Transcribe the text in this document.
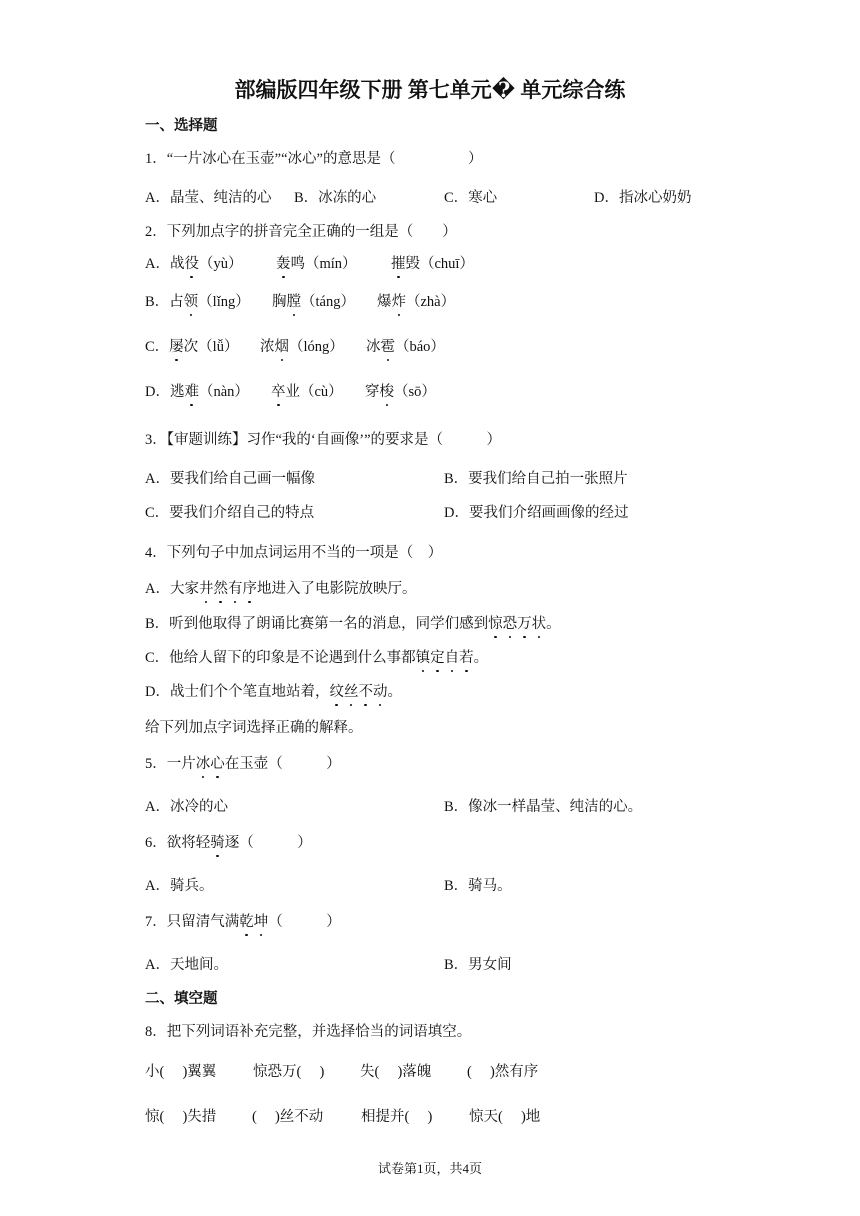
部编版四年级下册 第七单元� 单元综合练
一、选择题
1．“一片冰心在玉壶”“冰心”的意思是（　　　　　）
A．晶莹、纯洁的心 B．冰冻的心	C．寒心	D．指冰心奶奶
2．下列加点字的拼音完全正确的一组是（　　）
A．战役（yù） 轰鸣（mín） 摧毁（chuī）
B．占领（lǐng） 胸膛（táng） 爆炸（zhà）
C．屡次（lǚ） 浓烟（lóng） 冰雹（báo）
D．逃难（nàn） 卒业（cù） 穿梭（sō）
3．【审题训练】习作“我的‘自画像’”的要求是（　　　）
A．要我们给自己画一幅像	B．要我们给自己拍一张照片
C．要我们介绍自己的特点	D．要我们介绍画画像的经过
4．下列句子中加点词运用不当的一项是（　）
A．大家井然有序地进入了电影院放映厅。
B．听到他取得了朗诵比赛第一名的消息，同学们感到惊恐万状。
C．他给人留下的印象是不论遇到什么事都镇定自若。
D．战士们个个笔直地站着，纹丝不动。
给下列加点字词选择正确的解释。
5．一片冰心在玉壶（　　　）
A．冰冷的心	B．像冰一样晶莹、纯洁的心。
6．欲将轻骑逐（　　　）
A．骑兵。	B．骑马。
7．只留清气满乾坤（　　　）
A．天地间。	B．男女间
二、填空题
8．把下列词语补充完整，并选择恰当的词语填空。
小(　 )翼翼	惊恐万(　 ) 失(　 )落魄 (　 )然有序
惊(　 )失措 (　 )丝不动	相提并(　 )	惊天(　 )地
试卷第1页，共4页
